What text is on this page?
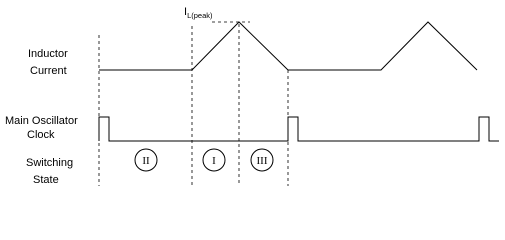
Inductor
Current
Main Oscillator
Clock
Switching
State
IL(peak)
II	I	III
